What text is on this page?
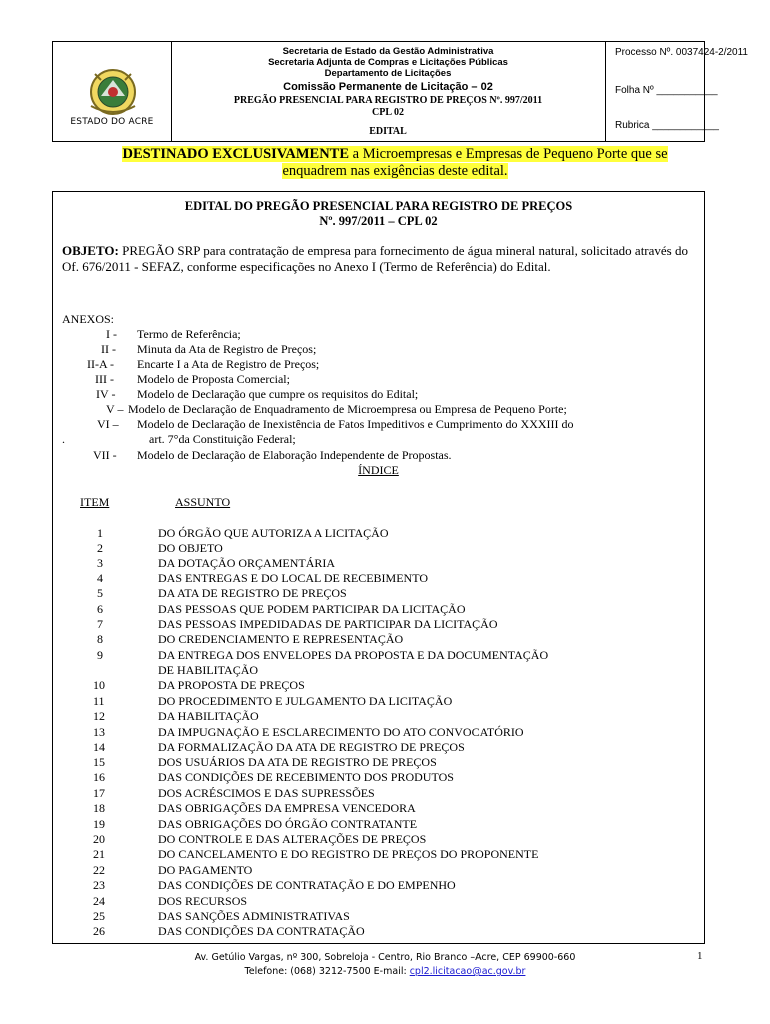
ESTADO DO ACRE
Secretaria de Estado da Gestão Administrativa
Secretaria Adjunta de Compras e Licitações Públicas
Departamento de Licitações
Comissão Permanente de Licitação – 02
PREGÃO PRESENCIAL PARA REGISTRO DE PREÇOS Nº. 997/2011
CPL 02
EDITAL
Processo Nº. 0037424-2/2011
Folha Nº ___________
Rubrica ____________
DESTINADO EXCLUSIVAMENTE a Microempresas e Empresas de Pequeno Porte que se
enquadrem nas exigências deste edital.
EDITAL DO PREGÃO PRESENCIAL PARA REGISTRO DE PREÇOS
Nº. 997/2011 – CPL 02
OBJETO: PREGÃO SRP para contratação de empresa para fornecimento de água mineral natural, solicitado através do Of. 676/2011 - SEFAZ, conforme especificações no Anexo I (Termo de Referência) do Edital.
ANEXOS:
I - Termo de Referência;
II - Minuta da Ata de Registro de Preços;
II-A - Encarte I a Ata de Registro de Preços;
III - Modelo de Proposta Comercial;
IV - Modelo de Declaração que cumpre os requisitos do Edital;
V – Modelo de Declaração de Enquadramento de Microempresa ou Empresa de Pequeno Porte;
VI – Modelo de Declaração de Inexistência de Fatos Impeditivos e Cumprimento do XXXIII do
.	art. 7°da Constituição Federal;
VII - Modelo de Declaração de Elaboração Independente de Propostas.
ÍNDICE
ITEM	ASSUNTO
1	DO ÓRGÃO QUE AUTORIZA A LICITAÇÃO
2	DO OBJETO
3	DA DOTAÇÃO ORÇAMENTÁRIA
4	DAS ENTREGAS E DO LOCAL DE RECEBIMENTO
5	DA ATA DE REGISTRO DE PREÇOS
6	DAS PESSOAS QUE PODEM PARTICIPAR DA LICITAÇÃO
7	DAS PESSOAS IMPEDIDADAS DE PARTICIPAR DA LICITAÇÃO
8	DO CREDENCIAMENTO E REPRESENTAÇÃO
9	DA ENTREGA DOS ENVELOPES DA PROPOSTA E DA DOCUMENTAÇÃO
DE HABILITAÇÃO
10	DA PROPOSTA DE PREÇOS
11	DO PROCEDIMENTO E JULGAMENTO DA LICITAÇÃO
12	DA HABILITAÇÃO
13	DA IMPUGNAÇÃO E ESCLARECIMENTO DO ATO CONVOCATÓRIO
14	DA FORMALIZAÇÃO DA ATA DE REGISTRO DE PREÇOS
15	DOS USUÁRIOS DA ATA DE REGISTRO DE PREÇOS
16	DAS CONDIÇÕES DE RECEBIMENTO DOS PRODUTOS
17	DOS ACRÉSCIMOS E DAS SUPRESSÕES
18	DAS OBRIGAÇÕES DA EMPRESA VENCEDORA
19	DAS OBRIGAÇÕES DO ÓRGÃO CONTRATANTE
20	DO CONTROLE E DAS ALTERAÇÕES DE PREÇOS
21	DO CANCELAMENTO E DO REGISTRO DE PREÇOS DO PROPONENTE
22	DO PAGAMENTO
23	DAS CONDIÇÕES DE CONTRATAÇÃO E DO EMPENHO
24	DOS RECURSOS
25	DAS SANÇÕES ADMINISTRATIVAS
26	DAS CONDIÇÕES DA CONTRATAÇÃO
Av. Getúlio Vargas, nº 300, Sobreloja - Centro, Rio Branco –Acre, CEP 69900-660
Telefone: (068) 3212-7500 E-mail: cpl2.licitacao@ac.gov.br
1
